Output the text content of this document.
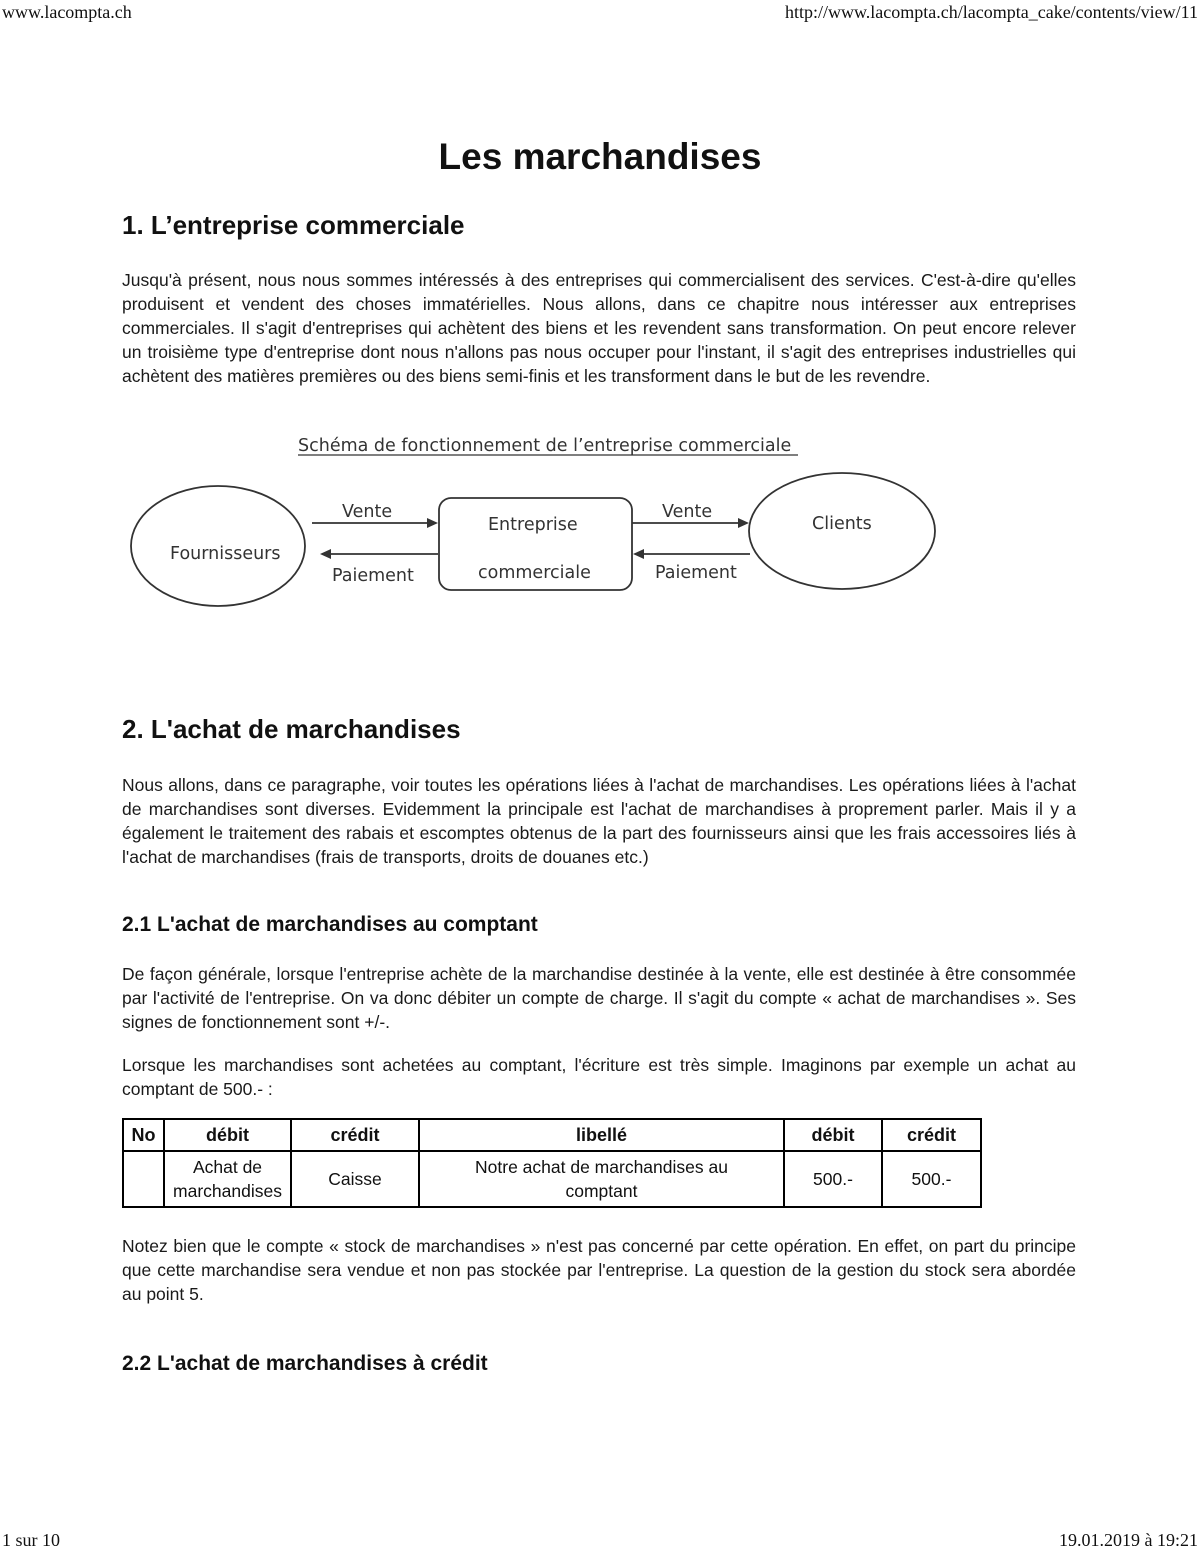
www.lacompta.ch	http://www.lacompta.ch/lacompta_cake/contents/view/11
Les marchandises
1. L’entreprise commerciale
Jusqu'à présent, nous nous sommes intéressés à des entreprises qui commercialisent des services. C'est-à-dire qu'elles produisent et vendent des choses immatérielles. Nous allons, dans ce chapitre nous intéresser aux entreprises commerciales. Il s'agit d'entreprises qui achètent des biens et les revendent sans transformation. On peut encore relever un troisième type d'entreprise dont nous n'allons pas nous occuper pour l'instant, il s'agit des entreprises industrielles qui achètent des matières premières ou des biens semi-finis et les transforment dans le but de les revendre.
Schéma de fonctionnement de l’entreprise commerciale
Fournisseurs
Entreprise
commerciale
Clients
Vente
Paiement
Vente
Paiement
2. L'achat de marchandises
Nous allons, dans ce paragraphe, voir toutes les opérations liées à l'achat de marchandises. Les opérations liées à l'achat de marchandises sont diverses. Evidemment la principale est l'achat de marchandises à proprement parler. Mais il y a également le traitement des rabais et escomptes obtenus de la part des fournisseurs ainsi que les frais accessoires liés à l'achat de marchandises (frais de transports, droits de douanes etc.)
2.1 L'achat de marchandises au comptant
De façon générale, lorsque l'entreprise achète de la marchandise destinée à la vente, elle est destinée à être consommée par l'activité de l'entreprise. On va donc débiter un compte de charge. Il s'agit du compte « achat de marchandises ». Ses signes de fonctionnement sont +/-.
Lorsque les marchandises sont achetées au comptant, l'écriture est très simple. Imaginons par exemple un achat au comptant de 500.- :
No	débit	crédit	libellé	débit	crédit
	Achat de marchandises	Caisse	Notre achat de marchandises au comptant	500.-	500.-
Notez bien que le compte « stock de marchandises » n'est pas concerné par cette opération. En effet, on part du principe que cette marchandise sera vendue et non pas stockée par l'entreprise. La question de la gestion du stock sera abordée au point 5.
2.2 L'achat de marchandises à crédit
1 sur 10	19.01.2019 à 19:21
